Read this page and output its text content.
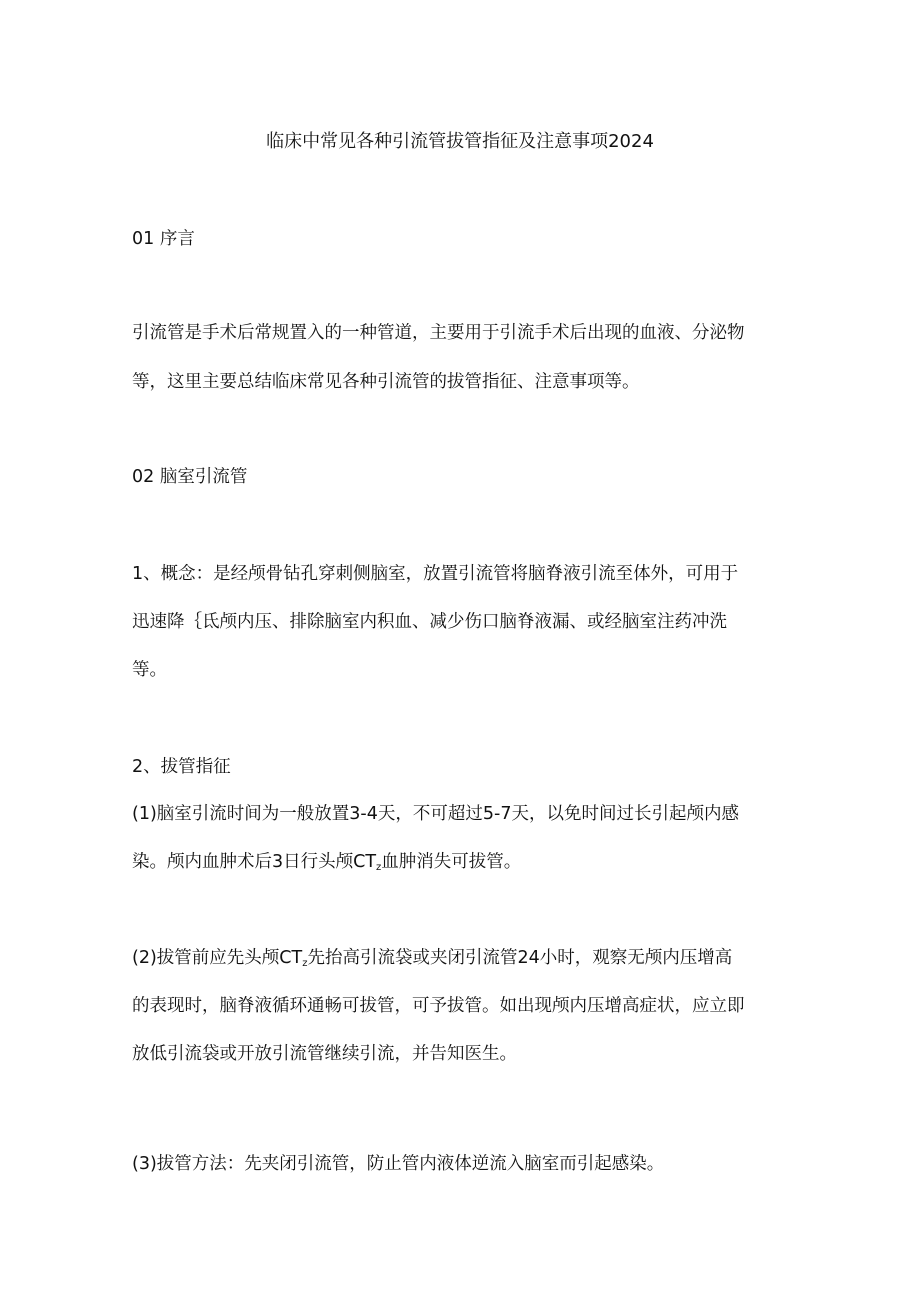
临床中常见各种引流管拔管指征及注意事项2024
01 序言
引流管是手术后常规置入的一种管道，主要用于引流手术后出现的血液、分泌物
等，这里主要总结临床常见各种引流管的拔管指征、注意事项等。
02 脑室引流管
1、概念：是经颅骨钻孔穿刺侧脑室，放置引流管将脑脊液引流至体外，可用于
迅速降｛氐颅内压、排除脑室内积血、减少伤口脑脊液漏、或经脑室注药冲洗
等。
2、拔管指征
(1)脑室引流时间为一般放置3-4天，不可超过5-7天，以免时间过长引起颅内感
染。颅内血肿术后3日行头颅$CT_z$血肿消失可拔管。
(2)拔管前应先头颅$CT_z$先抬高引流袋或夹闭引流管24小时，观察无颅内压增高
的表现时，脑脊液循环通畅可拔管，可予拔管。如出现颅内压增高症状，应立即
放低引流袋或开放引流管继续引流，并告知医生。
(3)拔管方法：先夹闭引流管，防止管内液体逆流入脑室而引起感染。
